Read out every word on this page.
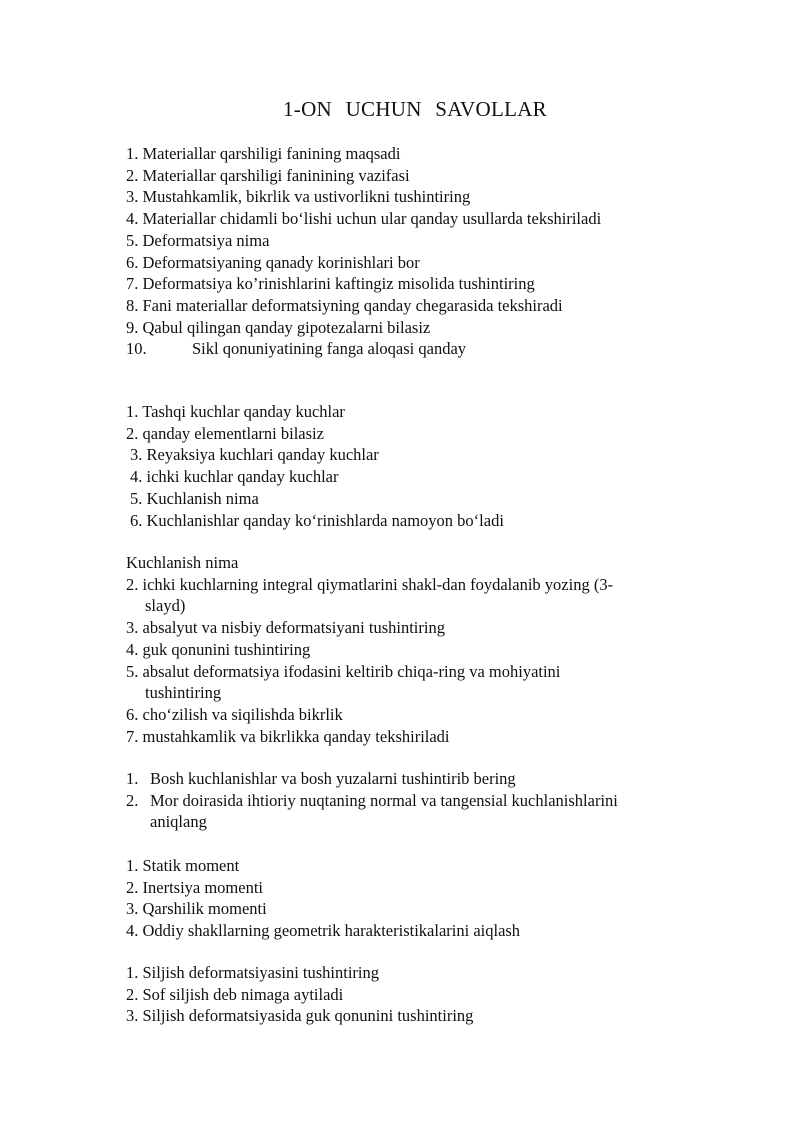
1-ON UCHUN SAVOLLAR
1. Materiallar qarshiligi fanining maqsadi
2. Materiallar qarshiligi faninining vazifasi
3. Mustahkamlik, bikrlik va ustivorlikni tushintiring
4. Materiallar chidamli bo‘lishi uchun ular qanday usullarda tekshiriladi
5. Deformatsiya nima
6. Deformatsiyaning qanady korinishlari bor
7. Deformatsiya ko’rinishlarini kaftingiz misolida tushintiring
8. Fani materiallar deformatsiyning qanday chegarasida tekshiradi
9. Qabul qilingan qanday gipotezalarni bilasiz
10.	Sikl qonuniyatining fanga aloqasi qanday
1. Tashqi kuchlar qanday kuchlar
2. qanday elementlarni bilasiz
3. Reyaksiya kuchlari qanday kuchlar
4. ichki kuchlar qanday kuchlar
5. Kuchlanish nima
6. Kuchlanishlar qanday ko‘rinishlarda namoyon bo‘ladi
Kuchlanish nima
2. ichki kuchlarning integral qiymatlarini shakl-dan foydalanib yozing (3-
slayd)
3. absalyut va nisbiy deformatsiyani tushintiring
4. guk qonunini tushintiring
5. absalut deformatsiya ifodasini keltirib chiqa-ring va mohiyatini
tushintiring
6. cho‘zilish va siqilishda bikrlik
7. mustahkamlik va bikrlikka qanday tekshiriladi
1. Bosh kuchlanishlar va bosh yuzalarni tushintirib bering
2. Mor doirasida ihtioriy nuqtaning normal va tangensial kuchlanishlarini
aniqlang
1. Statik moment
2. Inertsiya momenti
3. Qarshilik momenti
4. Oddiy shakllarning geometrik harakteristikalarini aiqlash
1. Siljish deformatsiyasini tushintiring
2. Sof siljish deb nimaga aytiladi
3. Siljish deformatsiyasida guk qonunini tushintiring
